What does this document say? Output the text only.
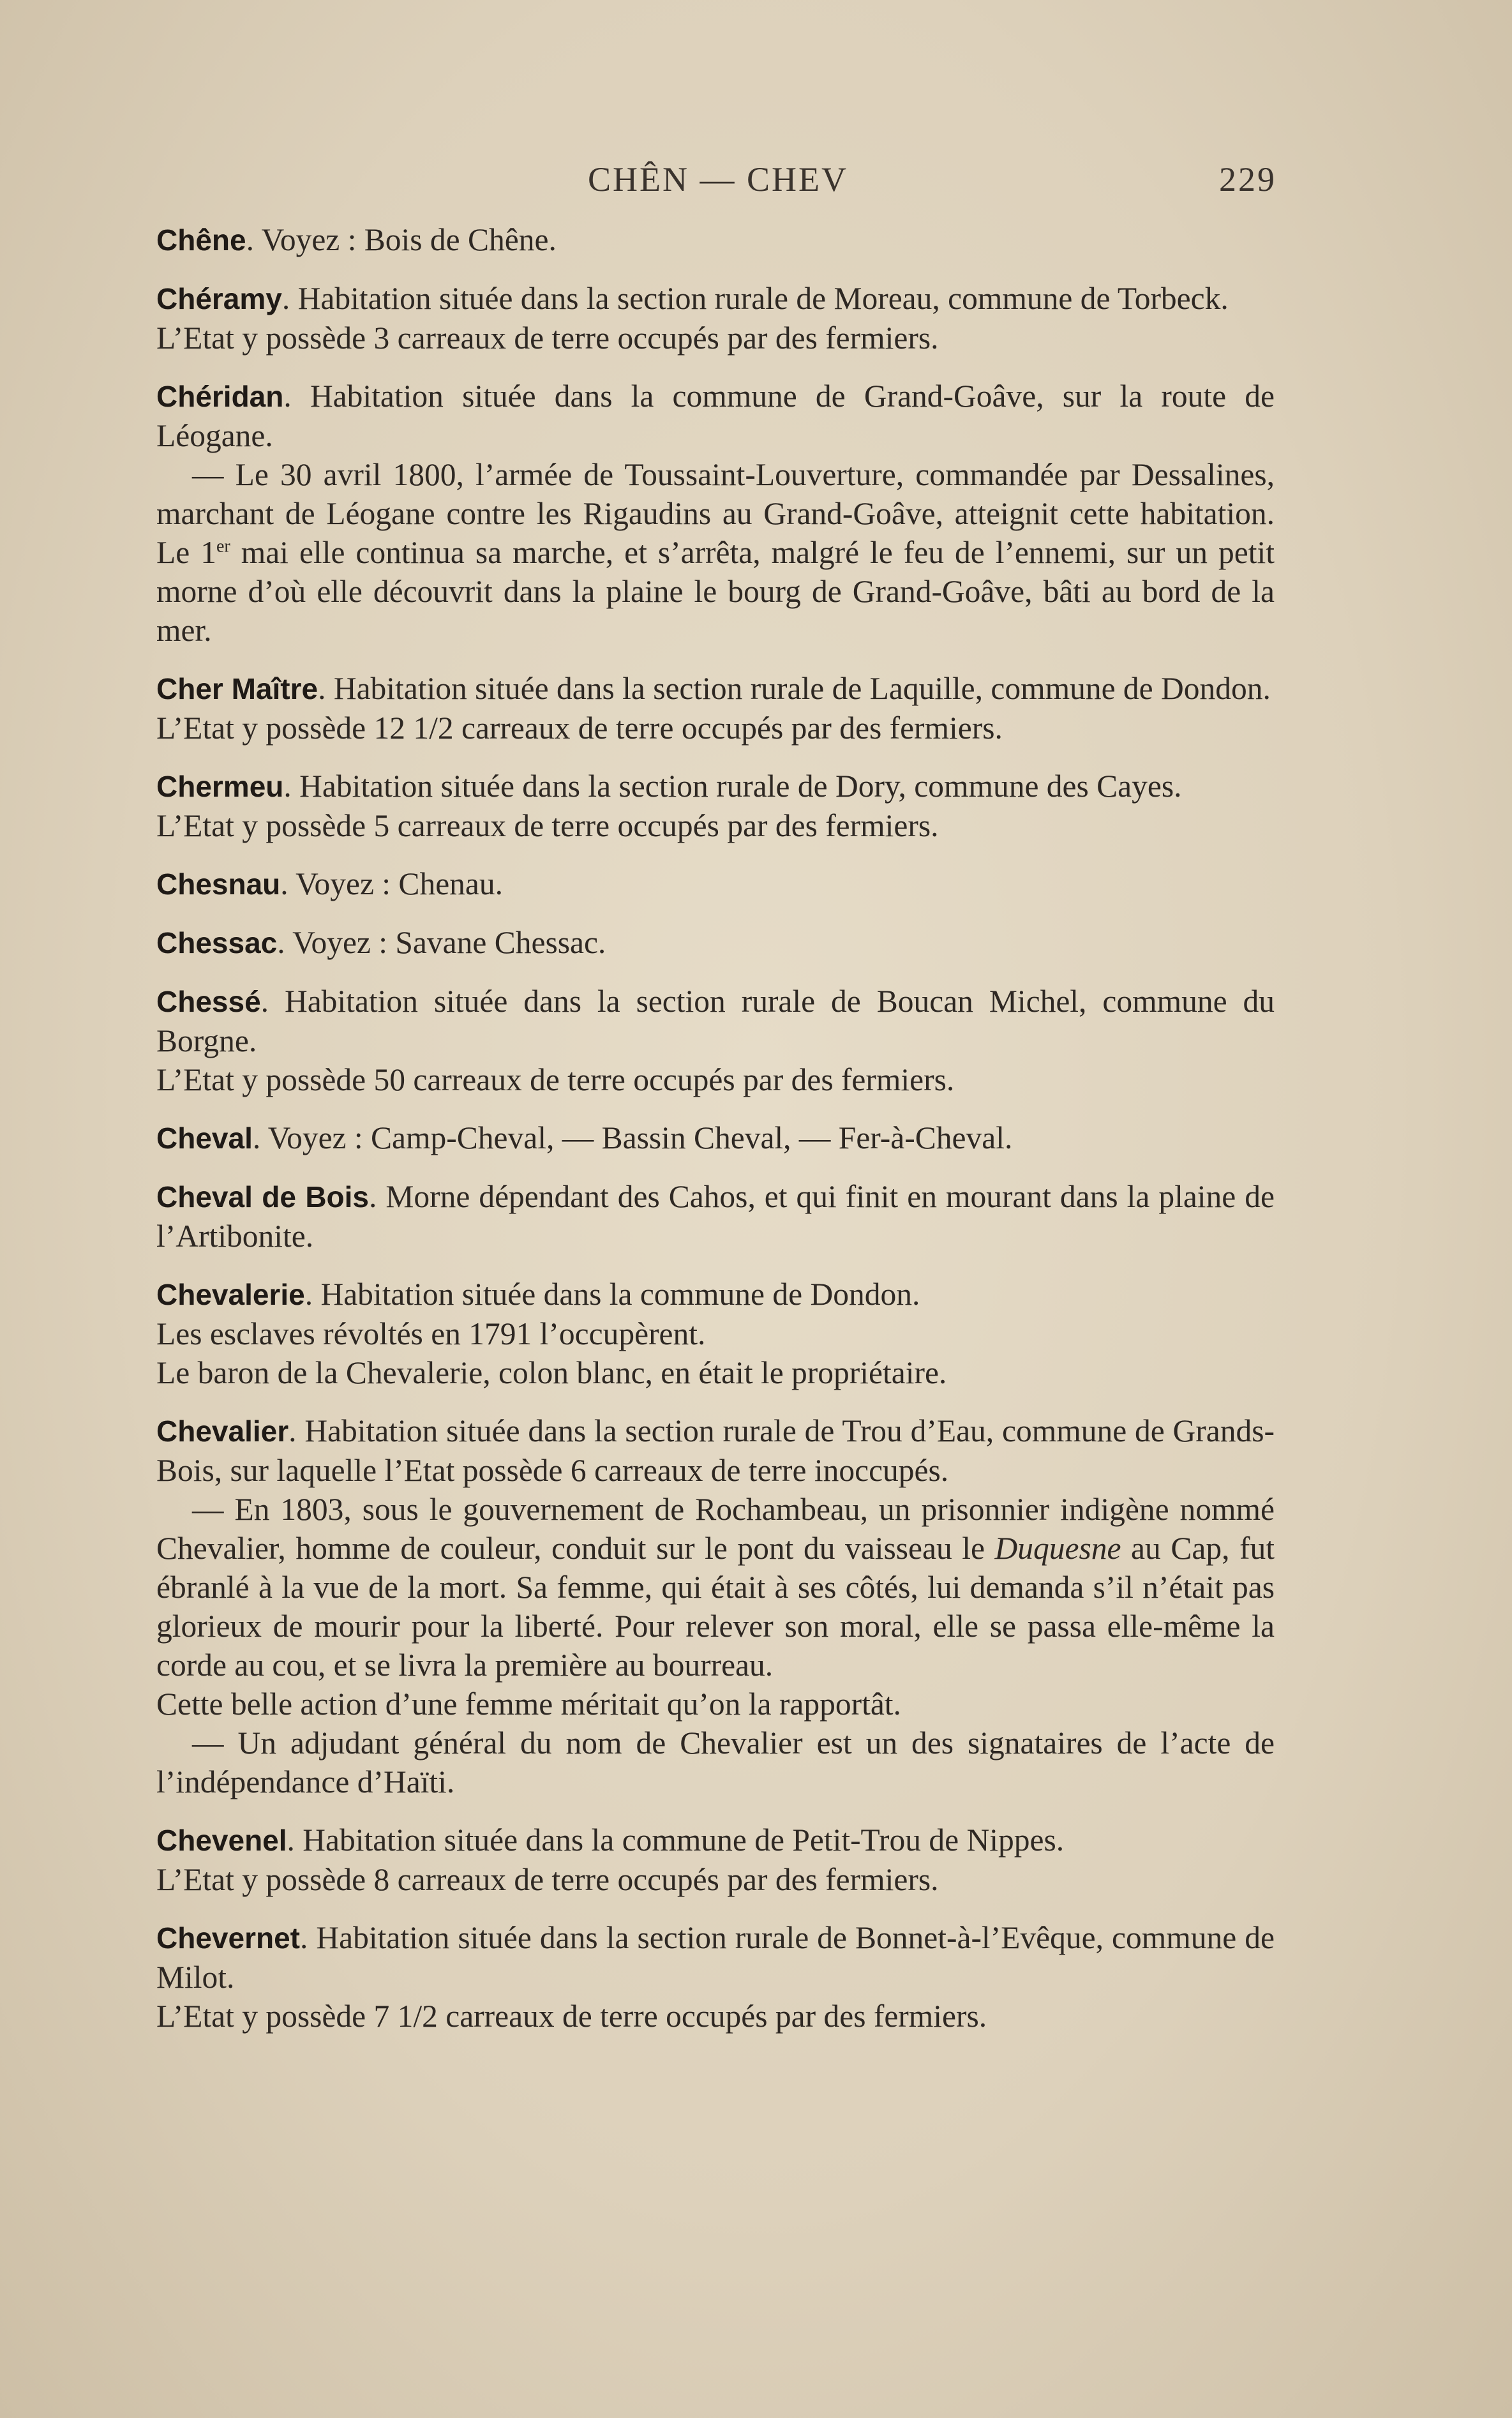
CHÊN — CHEV	229

Chêne. Voyez : Bois de Chêne.

Chéramy. Habitation située dans la section rurale de Moreau, commune de Torbeck.

L’Etat y possède 3 carreaux de terre occupés par des fermiers.

Chéridan. Habitation située dans la commune de Grand-Goâve, sur la route de Léogane.

— Le 30 avril 1800, l’armée de Toussaint-Louverture, commandée par Dessalines, marchant de Léogane contre les Rigaudins au Grand-Goâve, atteignit cette habitation. Le 1er mai elle continua sa marche, et s’arrêta, malgré le feu de l’ennemi, sur un petit morne d’où elle découvrit dans la plaine le bourg de Grand-Goâve, bâti au bord de la mer.

Cher Maître. Habitation située dans la section rurale de Laquille, commune de Dondon.

L’Etat y possède 12 1/2 carreaux de terre occupés par des fermiers.

Chermeu. Habitation située dans la section rurale de Dory, commune des Cayes.

L’Etat y possède 5 carreaux de terre occupés par des fermiers.

Chesnau. Voyez : Chenau.

Chessac. Voyez : Savane Chessac.

Chessé. Habitation située dans la section rurale de Boucan Michel, commune du Borgne.

L’Etat y possède 50 carreaux de terre occupés par des fermiers.

Cheval. Voyez : Camp-Cheval, — Bassin Cheval, — Fer-à-Cheval.

Cheval de Bois. Morne dépendant des Cahos, et qui finit en mourant dans la plaine de l’Artibonite.

Chevalerie. Habitation située dans la commune de Dondon.

Les esclaves révoltés en 1791 l’occupèrent.

Le baron de la Chevalerie, colon blanc, en était le propriétaire.

Chevalier. Habitation située dans la section rurale de Trou d’Eau, commune de Grands-Bois, sur laquelle l’Etat possède 6 carreaux de terre inoccupés.

— En 1803, sous le gouvernement de Rochambeau, un prisonnier indigène nommé Chevalier, homme de couleur, conduit sur le pont du vaisseau le Duquesne au Cap, fut ébranlé à la vue de la mort. Sa femme, qui était à ses côtés, lui demanda s’il n’était pas glorieux de mourir pour la liberté. Pour relever son moral, elle se passa elle-même la corde au cou, et se livra la première au bourreau.

Cette belle action d’une femme méritait qu’on la rapportât.

— Un adjudant général du nom de Chevalier est un des signataires de l’acte de l’indépendance d’Haïti.

Chevenel. Habitation située dans la commune de Petit-Trou de Nippes.

L’Etat y possède 8 carreaux de terre occupés par des fermiers.

Chevernet. Habitation située dans la section rurale de Bonnet-à-l’Evêque, commune de Milot.

L’Etat y possède 7 1/2 carreaux de terre occupés par des fermiers.
